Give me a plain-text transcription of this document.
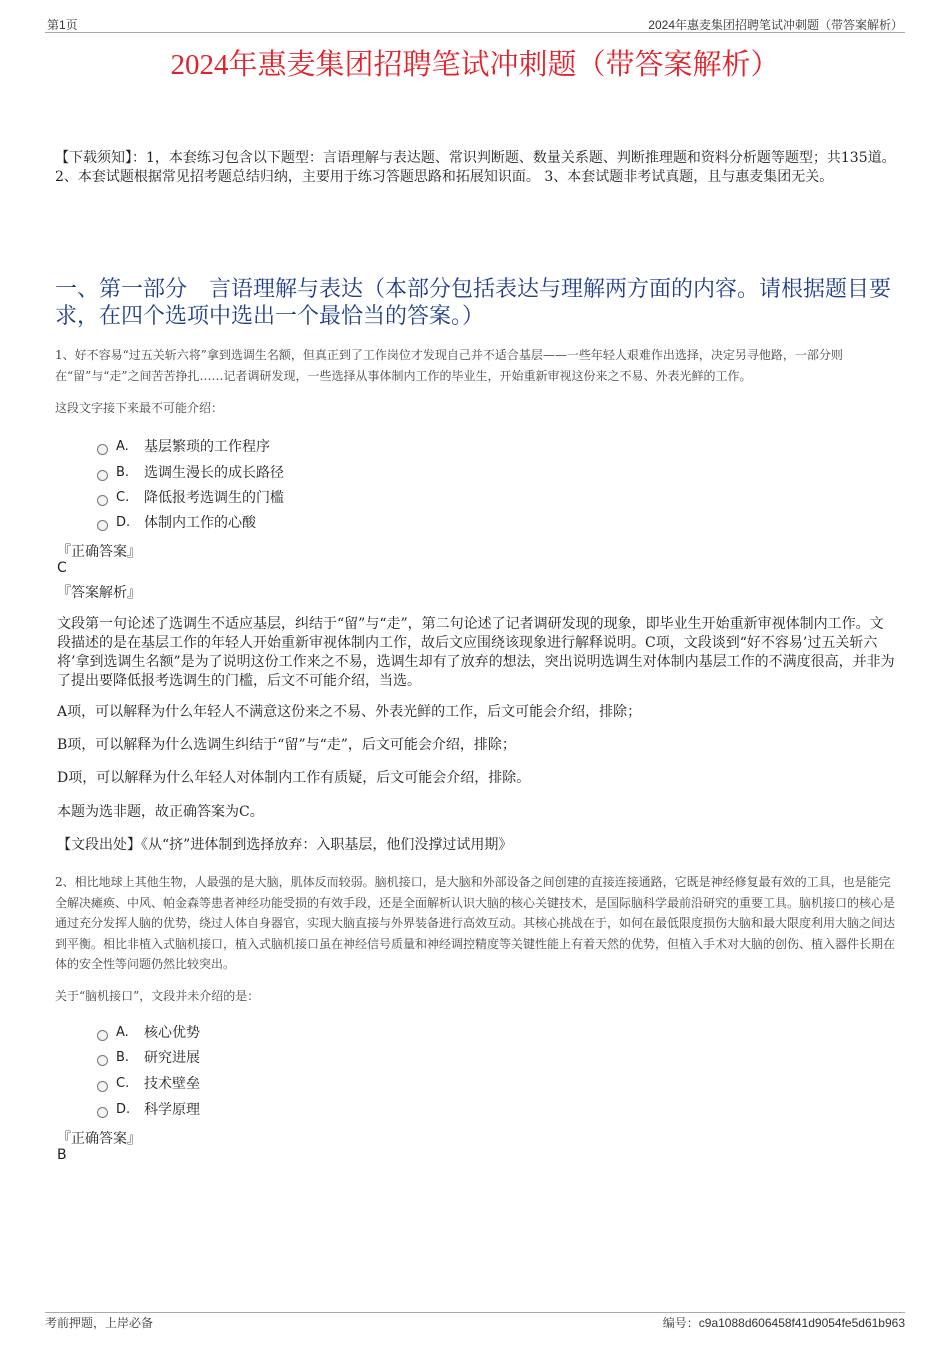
第1页	2024年惠麦集团招聘笔试冲刺题（带答案解析）
2024年惠麦集团招聘笔试冲刺题（带答案解析）
【下载须知】：1，本套练习包含以下题型：言语理解与表达题、常识判断题、数量关系题、判断推理题和资料分析题等题型；共135道。 2、本套试题根据常见招考题总结归纳，主要用于练习答题思路和拓展知识面。 3、本套试题非考试真题，且与惠麦集团无关。
一、第一部分　言语理解与表达（本部分包括表达与理解两方面的内容。请根据题目要求，在四个选项中选出一个最恰当的答案。）
1、好不容易“过五关斩六将”拿到选调生名额，但真正到了工作岗位才发现自己并不适合基层——一些年轻人艰难作出选择，决定另寻他路，一部分则在“留”与“走”之间苦苦挣扎……记者调研发现，一些选择从事体制内工作的毕业生，开始重新审视这份来之不易、外表光鲜的工作。
这段文字接下来最不可能介绍：
A.	基层繁琐的工作程序
B.	选调生漫长的成长路径
C.	降低报考选调生的门槛
D. 体制内工作的心酸
『正确答案』
C
『答案解析』
文段第一句论述了选调生不适应基层，纠结于“留”与“走”，第二句论述了记者调研发现的现象，即毕业生开始重新审视体制内工作。文段描述的是在基层工作的年轻人开始重新审视体制内工作，故后文应围绕该现象进行解释说明。C项，文段谈到“好不容易’过五关斩六将’拿到选调生名额”是为了说明这份工作来之不易，选调生却有了放弃的想法，突出说明选调生对体制内基层工作的不满度很高，并非为了提出要降低报考选调生的门槛，后文不可能介绍，当选。
A项，可以解释为什么年轻人不满意这份来之不易、外表光鲜的工作，后文可能会介绍，排除；
B项，可以解释为什么选调生纠结于“留”与“走”，后文可能会介绍，排除；
D项，可以解释为什么年轻人对体制内工作有质疑，后文可能会介绍，排除。
本题为选非题，故正确答案为C。
【文段出处】《从“挤”进体制到选择放弃：入职基层，他们没撑过试用期》
2、相比地球上其他生物，人最强的是大脑，肌体反而较弱。脑机接口，是大脑和外部设备之间创建的直接连接通路，它既是神经修复最有效的工具，也是能完全解决瘫痪、中风、帕金森等患者神经功能受损的有效手段，还是全面解析认识大脑的核心关键技术，是国际脑科学最前沿研究的重要工具。脑机接口的核心是通过充分发挥人脑的优势，绕过人体自身器官，实现大脑直接与外界装备进行高效互动。其核心挑战在于，如何在最低限度损伤大脑和最大限度利用大脑之间达到平衡。相比非植入式脑机接口，植入式脑机接口虽在神经信号质量和神经调控精度等关键性能上有着天然的优势，但植入手术对大脑的创伤、植入器件长期在体的安全性等问题仍然比较突出。
关于“脑机接口”，文段并未介绍的是：
A.	核心优势
B.	研究进展
C.	技术壁垒
D. 科学原理
『正确答案』
B
考前押题，上岸必备	编号：c9a1088d606458f41d9054fe5d61b963
